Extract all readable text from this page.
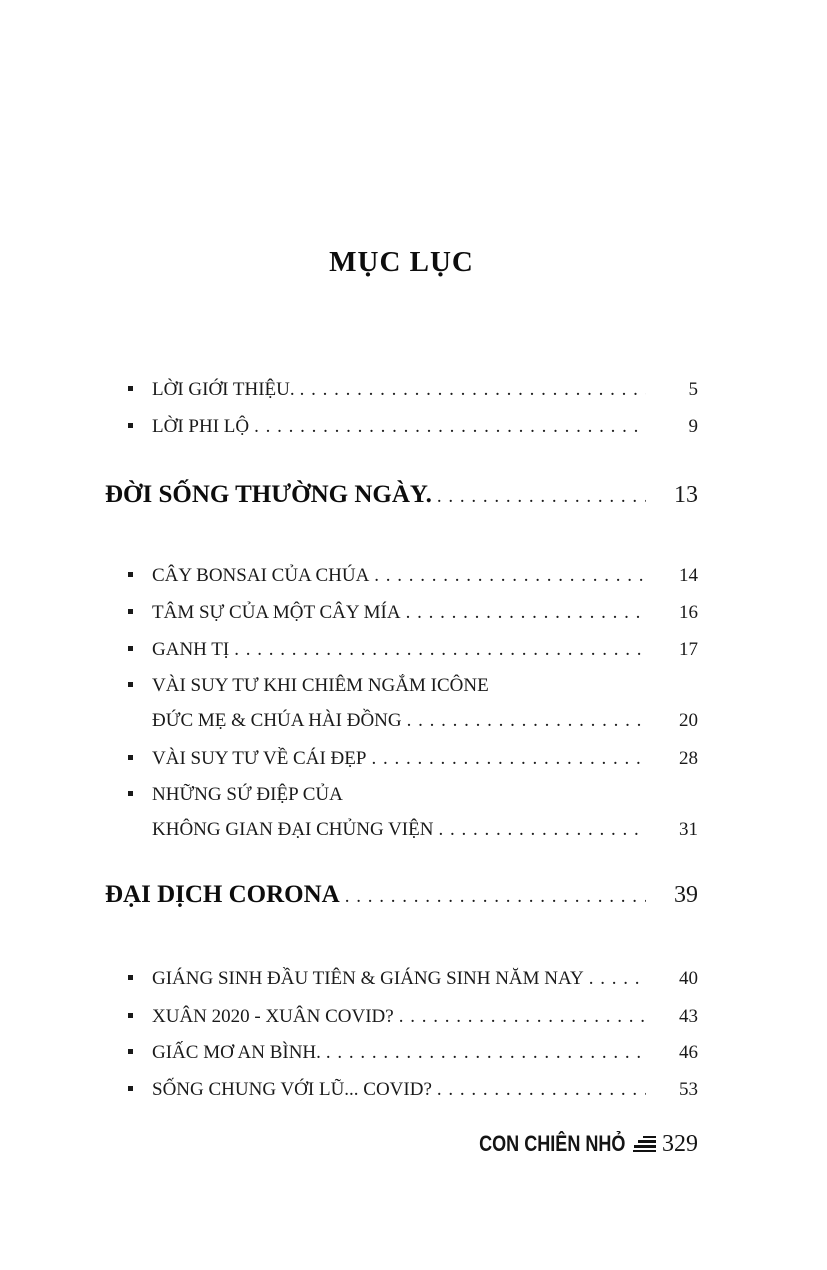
MỤC LỤC
LỜI GIỚI THIỆU. . . .	5
LỜI PHI LỘ . . .	9
ĐỜI SỐNG THƯỜNG NGÀY. . . .	13
CÂY BONSAI CỦA CHÚA . . .	14
TÂM SỰ CỦA MỘT CÂY MÍA . . .	16
GANH TỊ . . .	17
VÀI SUY TƯ KHI CHIÊM NGẮM ICÔNE
ĐỨC MẸ & CHÚA HÀI ĐỒNG . . .	20
VÀI SUY TƯ VỀ CÁI ĐẸP . . .	28
NHỮNG SỨ ĐIỆP CỦA
KHÔNG GIAN ĐẠI CHỦNG VIỆN . . .	31
ĐẠI DỊCH CORONA . . .	39
GIÁNG SINH ĐẦU TIÊN & GIÁNG SINH NĂM NAY . . .	40
XUÂN 2020 - XUÂN COVID? . . .	43
GIẤC MƠ AN BÌNH. . . .	46
SỐNG CHUNG VỚI LŨ... COVID? . . .	53
CON CHIÊN NHỎ 329
